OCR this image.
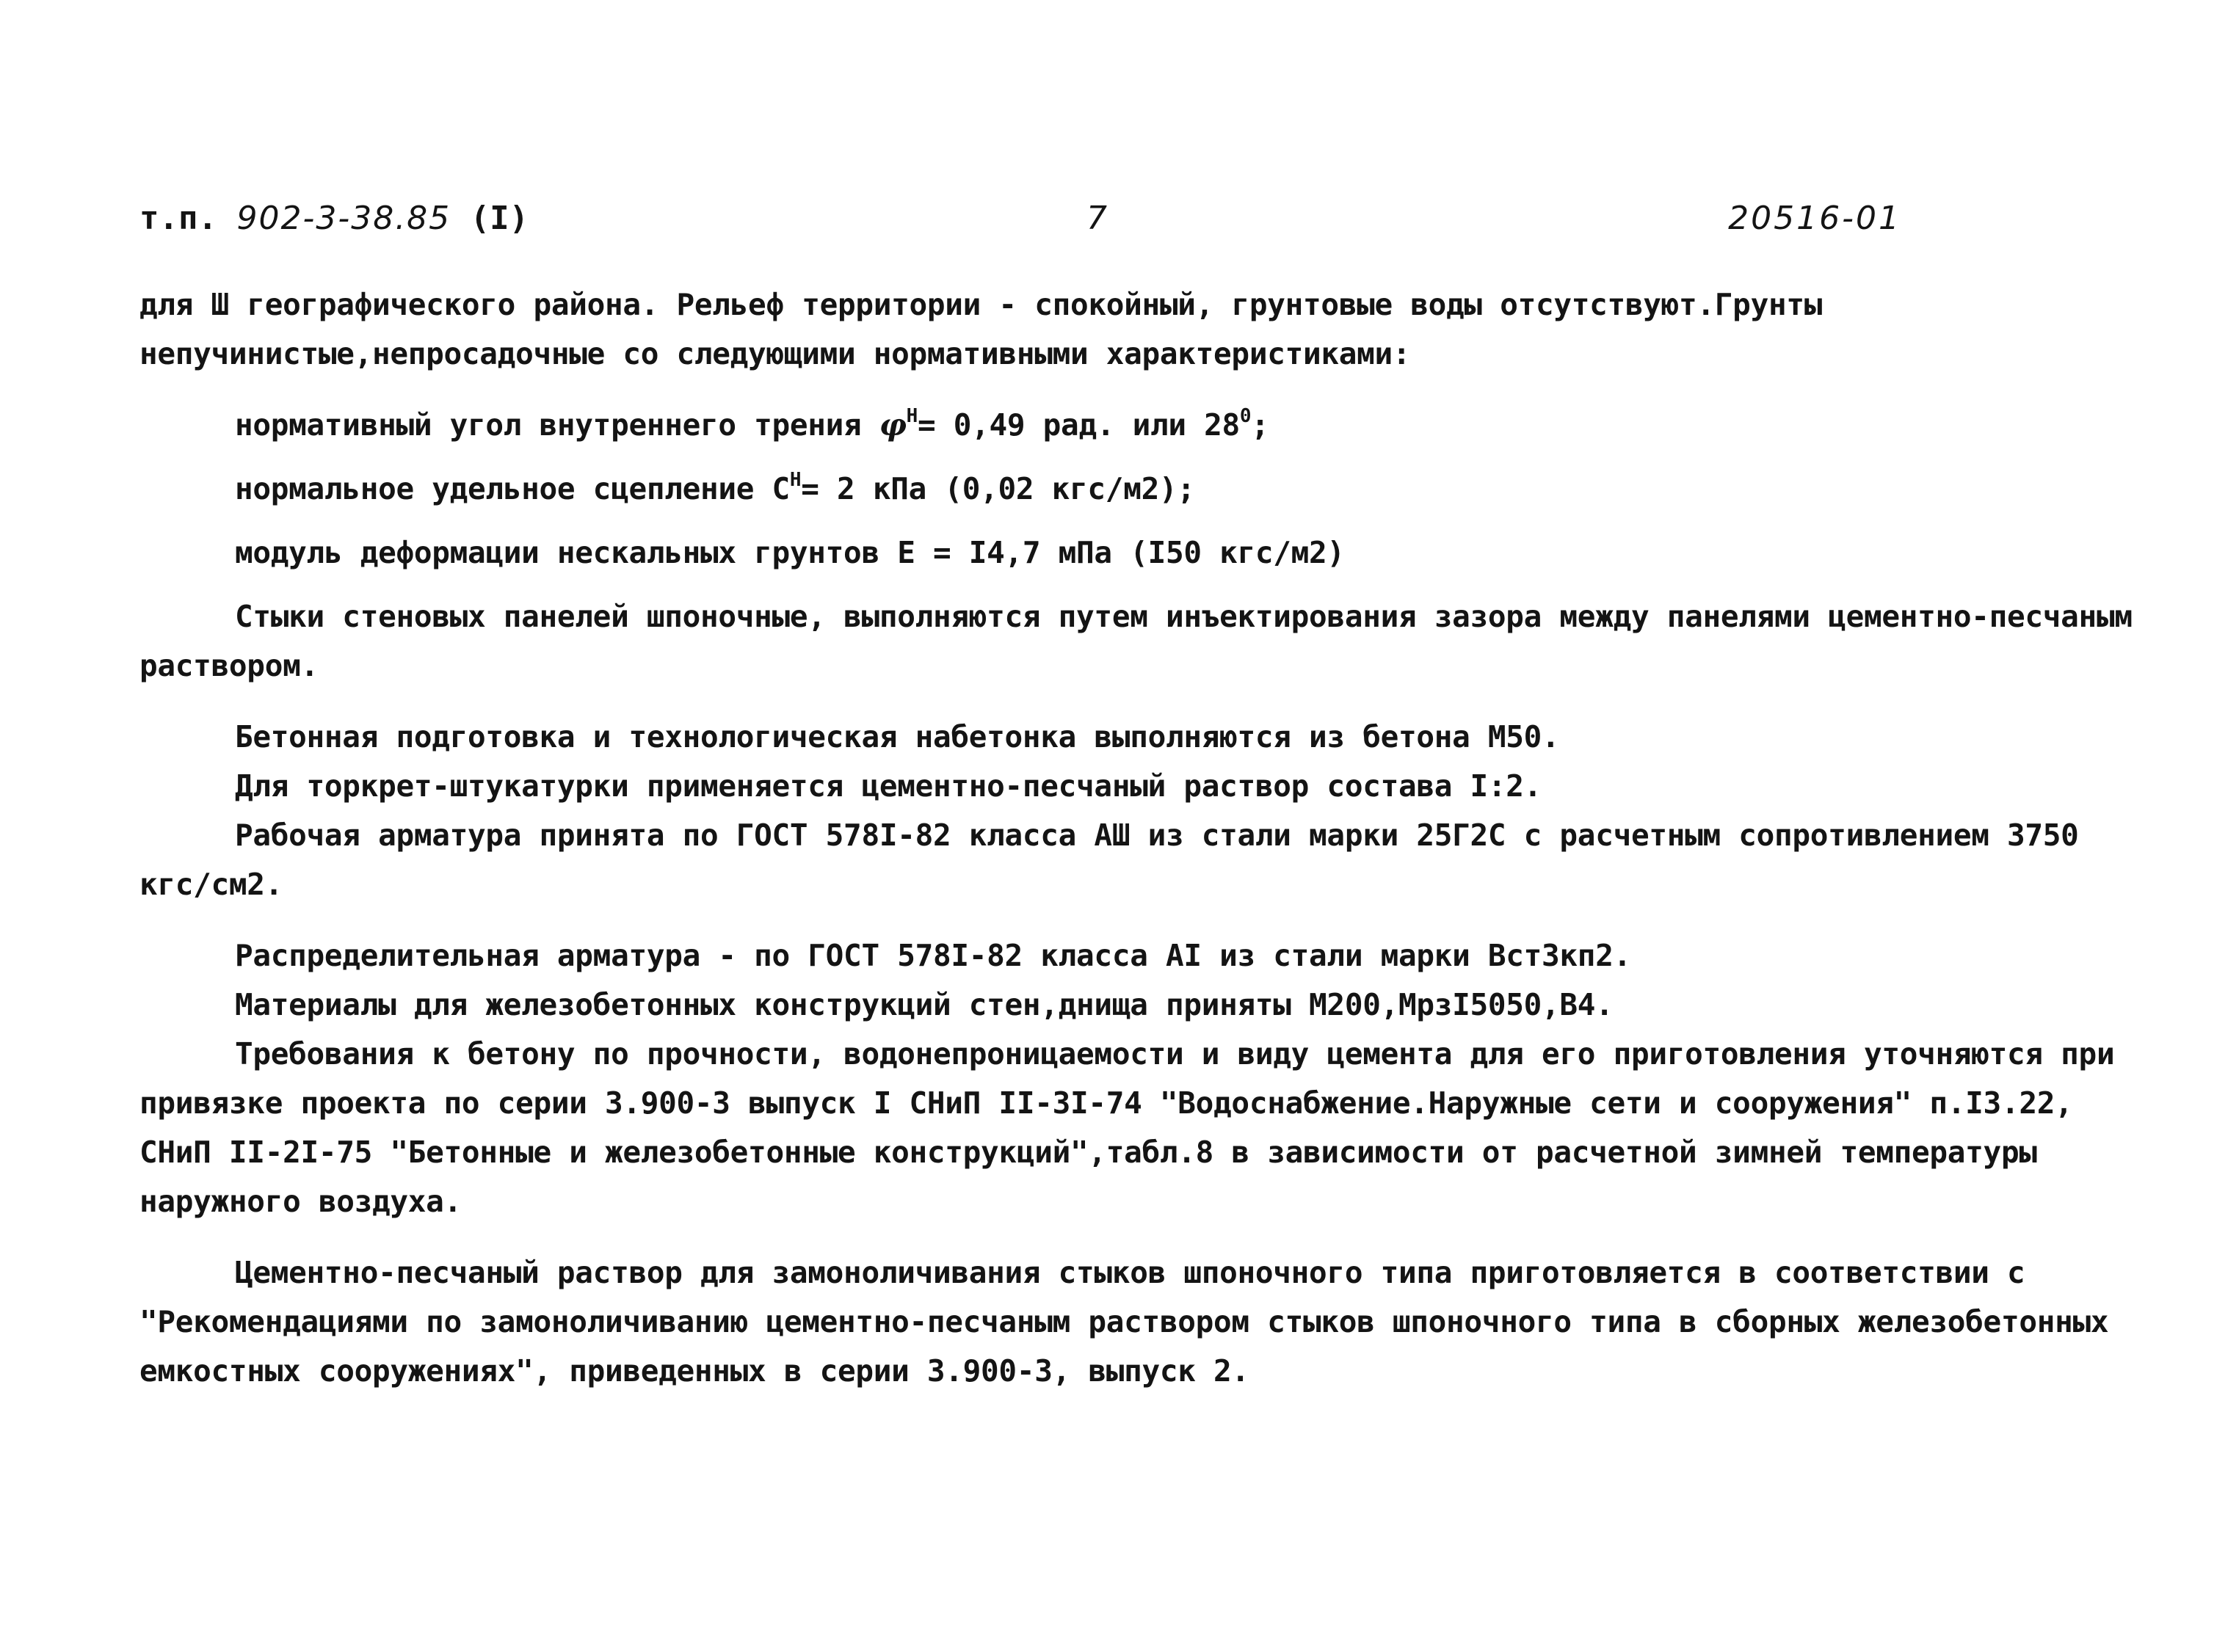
т.п. 902-3-38.85 (I)	7	20516-01

для Ш географического района. Рельеф территории - спокойный, грунтовые воды отсутствуют.Грунты непучинистые,непросадочные со следующими нормативными характеристиками:

нормативный угол внутреннего трения $\varphi^Н= 0,49$ рад. или $28^0$;

нормальное удельное сцепление $С^Н= 2$ кПа (0,02 кгс/м2);

модуль деформации нескальных грунтов Е = I4,7 мПа (I50 кгс/м2)

Стыки стеновых панелей шпоночные, выполняются путем инъектирования зазора между панелями цементно-песчаным раствором.

Бетонная подготовка и технологическая набетонка выполняются из бетона М50.

Для торкрет-штукатурки применяется цементно-песчаный раствор состава I:2.

Рабочая арматура принята по ГОСТ 578I-82 класса АШ из стали марки 25Г2С с расчетным сопротивлением 3750 кгс/см2.

Распределительная арматура - по ГОСТ 578I-82 класса АI из стали марки Вст3кп2.

Материалы для железобетонных конструкций стен,днища приняты М200,МрзI5050,В4.

Требования к бетону по прочности, водонепроницаемости и виду цемента для его приготовления уточняются при привязке проекта по серии 3.900-3 выпуск I СНиП II-3I-74 "Водоснабжение.Наружные сети и сооружения" п.I3.22, СНиП II-2I-75 "Бетонные и железобетонные конструкций",табл.8 в зависимости от расчетной зимней температуры наружного воздуха.

Цементно-песчаный раствор для замоноличивания стыков шпоночного типа приготовляется в соответствии с "Рекомендациями по замоноличиванию цементно-песчаным раствором стыков шпоночного типа в сборных железобетонных емкостных сооружениях", приведенных в серии 3.900-3, выпуск 2.
